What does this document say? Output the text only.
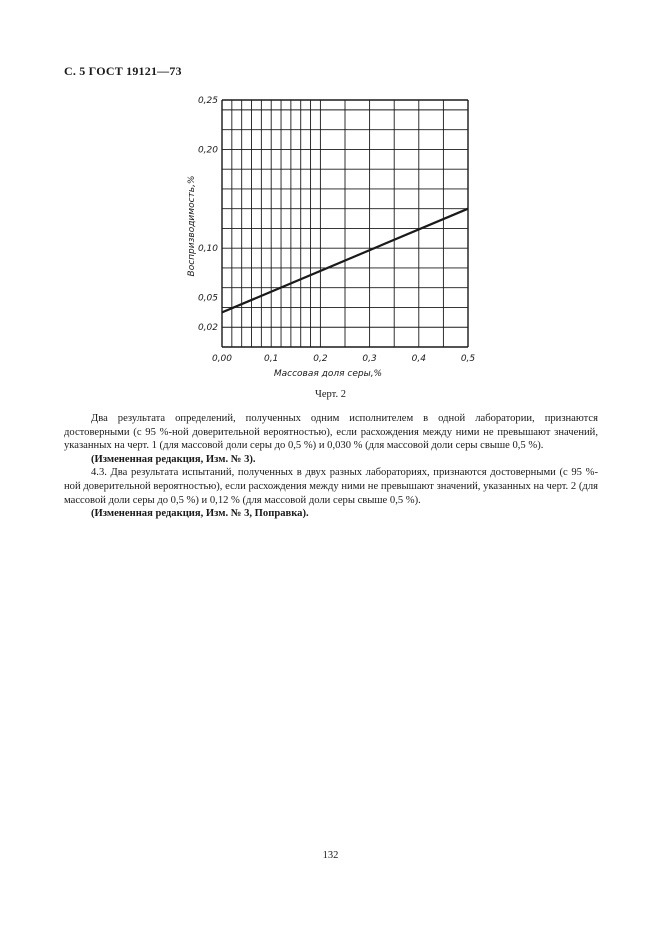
С. 5 ГОСТ 19121—73
0,00	0,1	0,2	0,3	0,4	0,5
0,02
0,05
0,10
0,20
0,25
Массовая доля серы,%
Воспризводимость,%
Черт. 2

Два результата определений, полученных одним исполнителем в одной лаборатории, признаются достоверными (с 95 %-ной доверительной вероятностью), если расхождения между ними не превышают значений, указанных на черт. 1 (для массовой доли серы до 0,5 %) и 0,030 % (для массовой доли серы свыше 0,5 %).

(Измененная редакция, Изм. № 3).

4.3. Два результата испытаний, полученных в двух разных лабораториях, признаются достоверными (с 95 %-ной доверительной вероятностью), если расхождения между ними не превышают значений, указанных на черт. 2 (для массовой доли серы до 0,5 %) и 0,12 % (для массовой доли серы свыше 0,5 %).

(Измененная редакция, Изм. № 3, Поправка).

132
